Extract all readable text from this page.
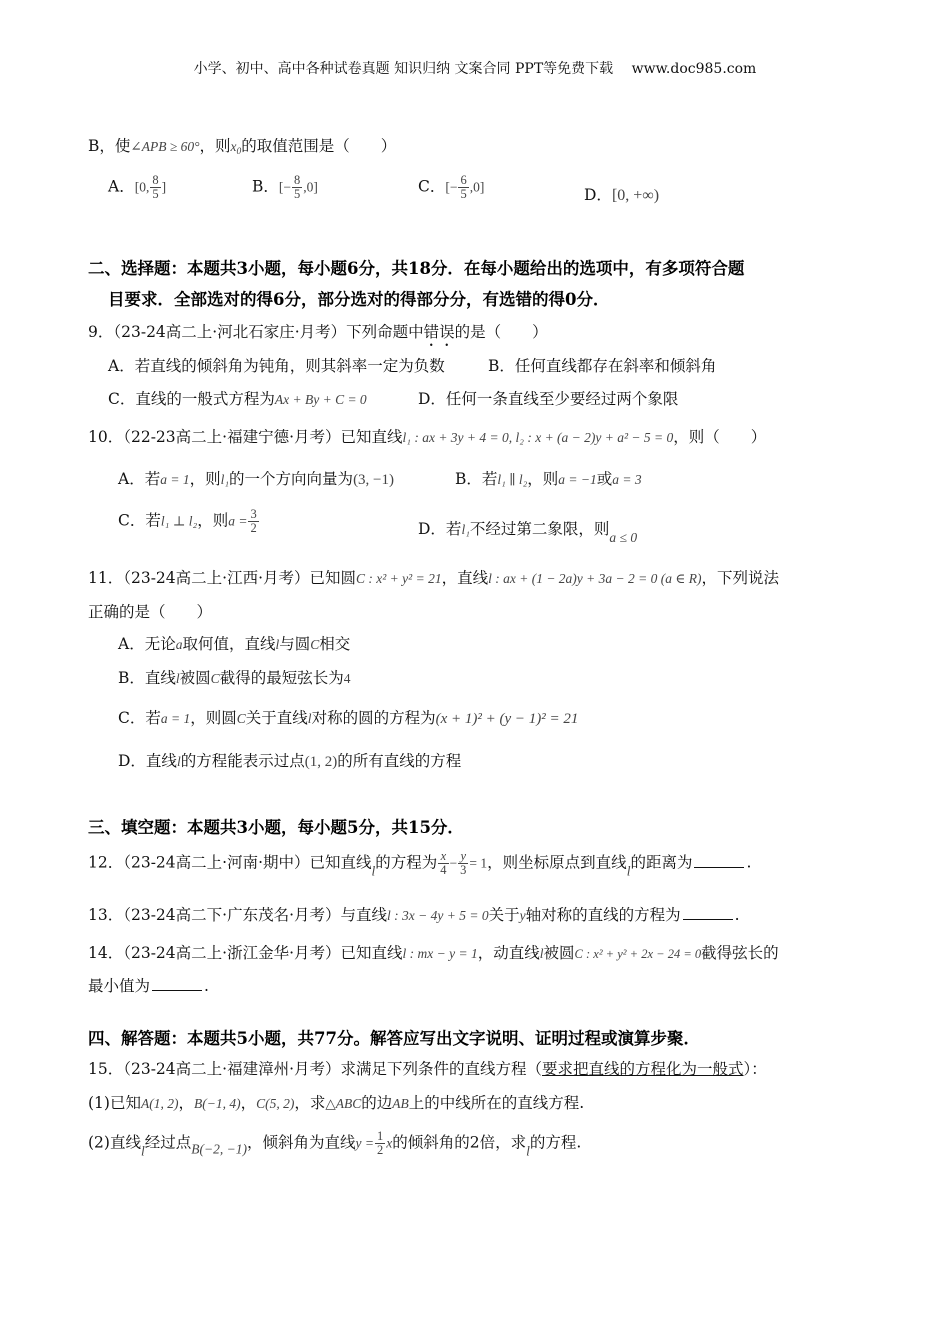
小学、初中、高中各种试卷真题 知识归纳 文案合同 PPT等免费下载　 www.doc985.com
B，使∠APB ≥ 60°，则$x_0$的取值范围是（　　）
A．[0, $\frac{8}{5}$ ]	B．[− $\frac{8}{5} ,0$]	C．[− $\frac{6}{5} ,0$]	D．[0, +∞)
二、选择题：本题共3小题，每小题6分，共18分．在每小题给出的选项中，有多项符合题
目要求．全部选对的得6分，部分选对的得部分分，有选错的得0分．
9．（23-24高二上·河北石家庄·月考）下列命题中错误的是（　　）
A．若直线的倾斜角为钝角，则其斜率一定为负数	B．任何直线都存在斜率和倾斜角
C．直线的一般式方程为Ax + By + C = 0	D．任何一条直线至少要经过两个象限
10．（22-23高二上·福建宁德·月考）已知直线l₁ : ax + 3y + 4 = 0, l₂ : x + (a − 2)y + a² − 5 = 0，则（　　）
A．若a = 1，则l₁的一个方向向量为(3, −1)	B．若l₁ ∥ l₂，则a = −1或a = 3
C．若l₁ ⊥ l₂，则$a = \frac{3}{2}$	D．若l₁不经过第二象限，则a ≤ 0
11．（23-24高二上·江西·月考）已知圆C : x² + y² = 21，直线l : ax + (1 − 2a)y + 3a − 2 = 0 (a ∈ R)，下列说法
正确的是（　　）
A．无论a取何值，直线l与圆C相交
B．直线l被圆C截得的最短弦长为4
C．若a = 1，则圆C关于直线l对称的圆的方程为(x + 1)² + (y − 1)² = 21
D．直线l的方程能表示过点(1, 2)的所有直线的方程
三、填空题：本题共3小题，每小题5分，共15分．
12．（23-24高二上·河南·期中）已知直线l的方程为 $\frac{x}{4} - \frac{y}{3} = 1$，则坐标原点到直线l的距离为	.
13．（23-24高二下·广东茂名·月考）与直线l : 3x − 4y + 5 = 0关于y轴对称的直线的方程为	.
14．（23-24高二上·浙江金华·月考）已知直线l : mx − y = 1，动直线l被圆C : x² + y² + 2x − 24 = 0截得弦长的
最小值为	.
四、解答题：本题共5小题，共77分。解答应写出文字说明、证明过程或演算步聚．
15．（23-24高二上·福建漳州·月考）求满足下列条件的直线方程（要求把直线的方程化为一般式）：
(1)已知A(1, 2)，B(−1, 4)，C(5, 2)，求△ABC的边AB上的中线所在的直线方程.
(2)直线l经过点B(−2, −1)，倾斜角为直线$y = \frac{1}{2}$ x的倾斜角的2倍，求l的方程.
